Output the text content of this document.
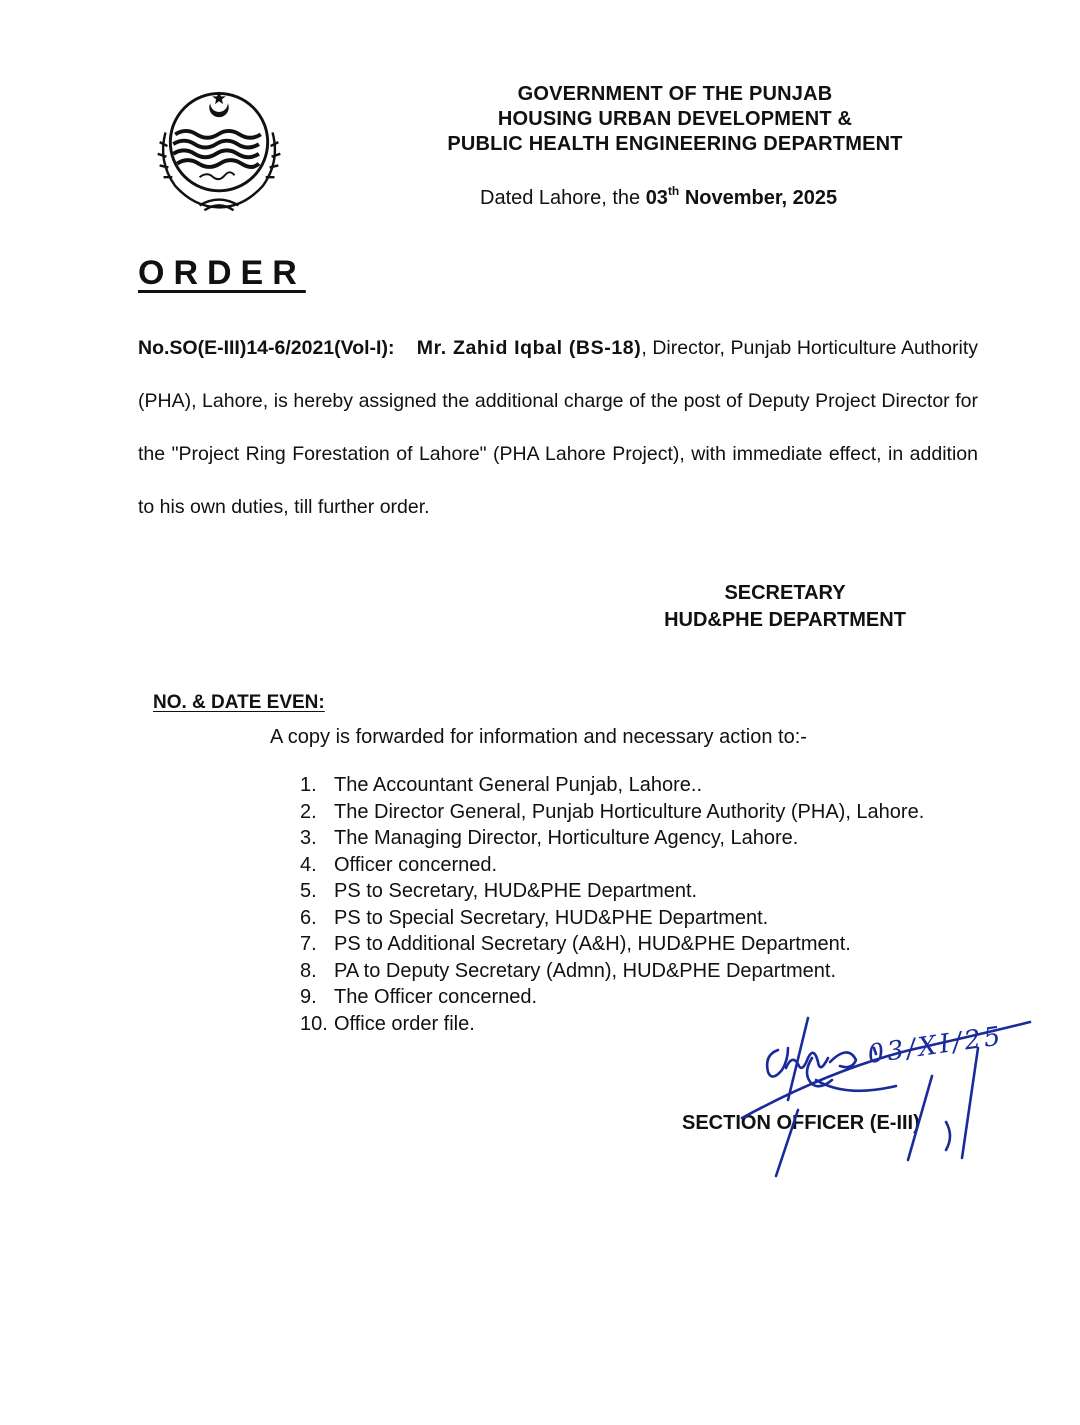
GOVERNMENT OF THE PUNJAB
HOUSING URBAN DEVELOPMENT &
PUBLIC HEALTH ENGINEERING DEPARTMENT
Dated Lahore, the 03th November, 2025
ORDER
No.SO(E-III)14-6/2021(Vol-I): Mr. Zahid Iqbal (BS-18), Director, Punjab Horticulture Authority (PHA), Lahore, is hereby assigned the additional charge of the post of Deputy Project Director for the "Project Ring Forestation of Lahore" (PHA Lahore Project), with immediate effect, in addition to his own duties, till further order.
SECRETARY
HUD&PHE DEPARTMENT
NO. & DATE EVEN:
A copy is forwarded for information and necessary action to:-
1. The Accountant General Punjab, Lahore..
2. The Director General, Punjab Horticulture Authority (PHA), Lahore.
3. The Managing Director, Horticulture Agency, Lahore.
4. Officer concerned.
5. PS to Secretary, HUD&PHE Department.
6. PS to Special Secretary, HUD&PHE Department.
7. PS to Additional Secretary (A&H), HUD&PHE Department.
8. PA to Deputy Secretary (Admn), HUD&PHE Department.
9. The Officer concerned.
10. Office order file.
SECTION OFFICER (E-III)
03/XI/25
